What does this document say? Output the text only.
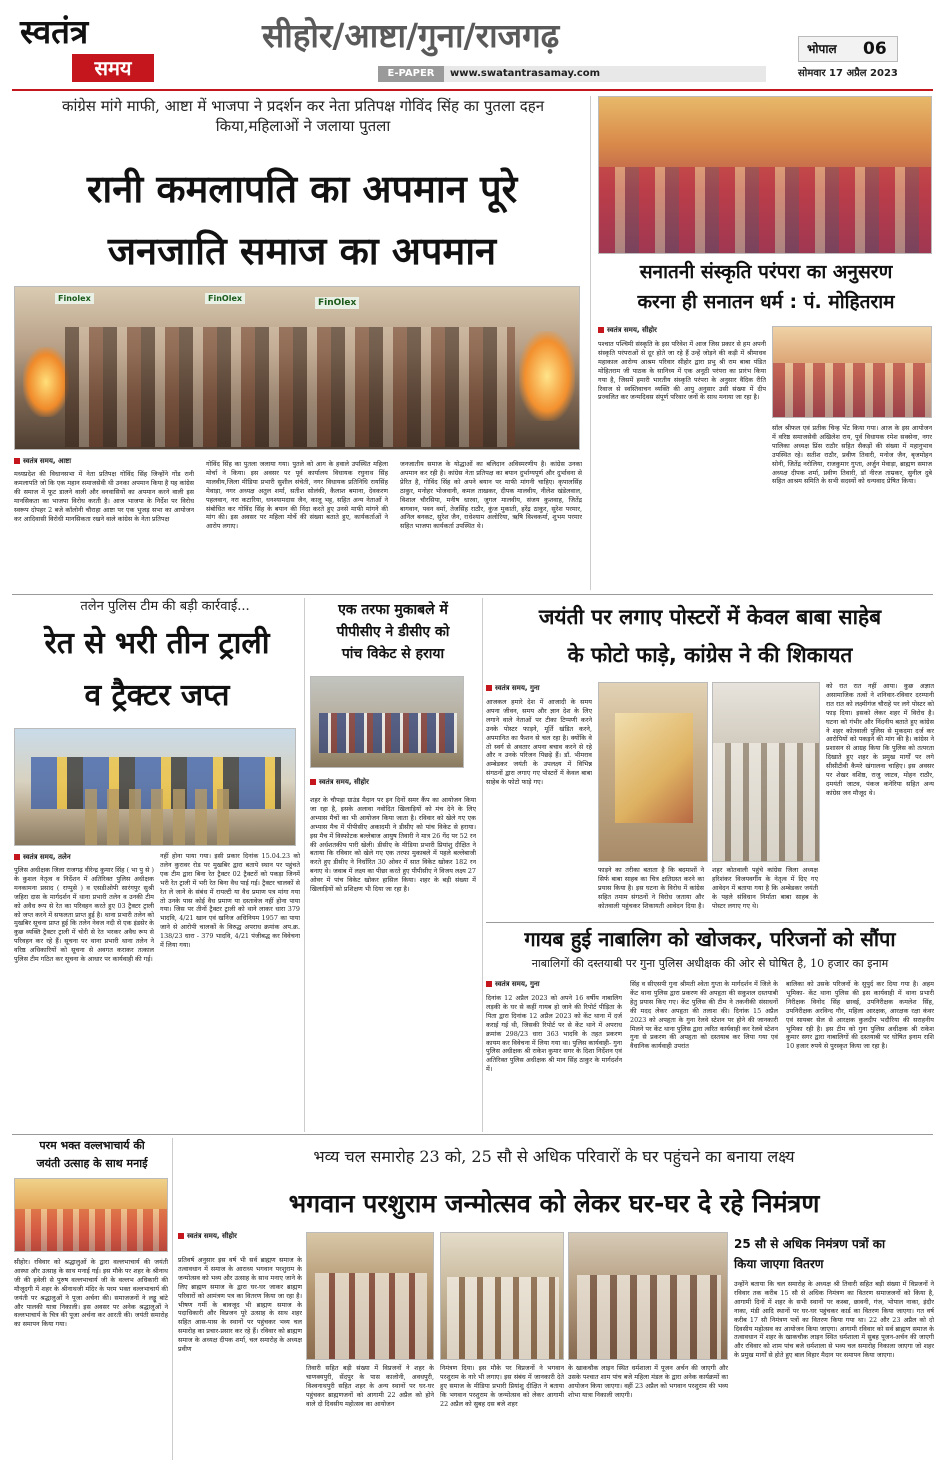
स्वतंत्र
समय
सीहोर/आष्टा/गुना/राजगढ़
E-PAPER	www.swatantrasamay.com
भोपाल 06
सोमवार 17 अप्रैल 2023
कांग्रेस मांगे माफी, आष्टा में भाजपा ने प्रदर्शन कर नेता प्रतिपक्ष गोविंद सिंह का पुतला दहन किया,महिलाओं ने जलाया पुतला
रानी कमलापति का अपमान पूरे
जनजाति समाज का अपमान
Finolex	FinOlex
FinOlex
स्वतंत्र समय, आष्टा
मध्यप्रदेश की विधानसभा में नेता प्रतिपक्ष गोविंद सिंह जिन्होंने गोंड रानी कमलापति जो कि एक महान समाजसेवी थी उनका अपमान किया है यह कांग्रेस की समाज में फूट डालने वाली और वनवासियों का अपमान करने वाली इस मानसिकता का भाजपा विरोध करती है। आज भाजपा के निर्देश पर विरोध स्वरूप दोपहर 2 बजे कॉलोनी चौराहा आष्टा पर एक भुजड़ सभा का आयोजन कर आदिवासी विरोधी मानसिकता रखने वाले कांग्रेस के नेता प्रतिपक्ष
गोविंद सिंह का पुतला जलाया गया। पुतले को आग के हवाले उपस्थित महिला मोर्चा ने किया। इस अवसर पर पूर्व कार्यालय विधायक रघुनाथ सिंह मालवीय,जिला मीडिया प्रभारी सुशील संचेती, नगर विधायक प्रतिनिधि रायसिंह मेवाड़ा, नगर अध्यक्ष अतुल शर्मा, सतीश सोलंकी, कैलाश बमाना, देवकरण पहलवान, नरा कटारिया, धनश्यामदास जैन, कालू भट्ट, सहित अन्य नेताओं ने संबोधित कर गोविंद सिंह के बयान की निंदा करते हुए उनसे माफी मांगने की मांग की। इस अवसर पर महिला मोर्चे की संख्या बताते हुए, कार्यकर्ताओं ने आरोप लगाए।
जनजातीय समाज के योद्धाओं का बलिदान अविस्मरणीय है। कांग्रेस उनका अपमान कर रही है। कांग्रेस नेता प्रतिपक्ष का बयान दुर्भाग्यपूर्ण और दुर्भावना से प्रेरित है, गोविंद सिंह को अपने बयान पर माफी मांगनी चाहिए। कृपालसिंह ठाकुर, मनोहर भोजवानी, कमल ताखकर, दीपक मालवीय, नीलेश खंडेलवाल, विशाल चौरसिया, मनीष धारवा, जुगल मालवीय, संजय कुशवाह, जितेंद्र बागवान, पवन वर्मा, तेजसिंह राठौर, कुंज मुकाती, हरेंद्र ठाकुर, सुरेश परमार, अनिल बनकट, सुरेश जैन, राधेश्याम अलोरिया, ऋषि विश्वकर्मा, शुभम परमार सहित भाजपा कार्यकर्ता उपस्थित थे।
सनातनी संस्कृति परंपरा का अनुसरण
करना ही सनातन धर्म : पं. मोहितराम
स्वतंत्र समय, सीहोर
पश्चात पश्चिमी संस्कृति के इस परिवेश में आज जिस प्रकार से हम अपनी संस्कृति परंपराओं से दूर होते जा रहे हैं उन्हें जोड़ने की कड़ी में श्रीमाधव महाकाल आरोग्य आश्रम परिवार सीहोर द्वारा प्रभु श्री राम बाबा पंडित मोहितराम जी पाठक के सानिध्य में एक अनूठी परंपरा का प्रारंभ किया गया है, जिसमें हमारी भारतीय संस्कृति परंपरा के अनुसार वैदिक रीति रिवाज से स्वस्तिवाचन व्यक्ति की आयु अनुसार उसी संख्या में दीप प्रज्वलित कर जन्मदिवस संपूर्ण परिवार जनों के साथ मनाया जा रहा है।
सॉल श्रीफल एवं प्रतीक चिन्ह भेंट किया गया। आज के इस आयोजन में वरिष्ठ समाजसेवी अखिलेश राय, पूर्व विधायक रमेश सक्सेना, नगर पालिका अध्यक्ष प्रिंस राठौर सहित सैकड़ों की संख्या में महानुभाव उपस्थित रहे। सतीश राठौर, प्रवीण तिवारी, मनोज जैन, बृजमोहन सोनी, जितेंद्र नरोलिया, राजकुमार गुप्ता, अर्जुन मेवाड़ा, ब्राह्मण समाज अध्यक्ष दीपक शर्मा, प्रवीण तिवारी, डॉ नीरज ताम्रकर, सुनील दुबे सहित आश्रम समिति के सभी सदस्यों को धन्यवाद प्रेषित किया।
तलेन पुलिस टीम की बड़ी कार्रवाई...
रेत से भरी तीन ट्राली
व ट्रैक्टर जप्त
स्वतंत्र समय, तलेन
पुलिस अधीक्षक जिला राजगढ़ वीरेन्द्र कुमार सिंह ( भा पु से ) के कुशल नेतृत्व व निर्देशन में अतिरिक्त पुलिस अधीक्षक मनकामना प्रसाद ( राप्पुसे ) व एसडीओपी सारंगपुर सुश्री जहिरा दास के मार्गदर्शन में थाना प्रभारी तलेन व उनकी टीम को अवैध रूप से रेत का परिवहन करते हुए 03 ट्रैक्टर ट्राली को जप्त करने में सफलता प्राप्त हुई है। थाना प्रभारी तलेन को मुखबिर सूचना प्राप्त हुई कि तलेन नेवज नदी से एक इंडसेर के कुछ व्यक्ति ट्रैक्टर ट्राली में चोरी से रेत भरकर अवैध रूप से परिवहन कर रहे हैं। सूचना पर थाना प्रभारी थाना तलेन ने वरिष्ठ अधिकारियों को सूचना से अवगत कराकर तत्काल पुलिस टीम गठित कर सूचना के आधार पर कार्यवाही की गई।
नहीं होना पाया गया। इसी प्रकार दिनांक 15.04.23 को तलेन कुरावर रोड पर मुखबिर द्वारा बताये स्थान पर पहुंचते एक टीम द्वारा बिना रेत ट्रैक्टर 02 ट्रैक्टरों को पकड़ा जिनमें भरी रेत ट्राली में भरी रेत बिना वैध पाई गई। ट्रैक्टर चालकों से रेत ले जाने के संबंध में रायल्टी या वैध प्रमाण पत्र मांगा गया तो उनके पास कोई वैध प्रमाण या दस्तावेज नहीं होना पाया गया। जिस पर तीनों ट्रैक्टर ट्राली को थाने लाकर धारा 379 भादवि, 4/21 खान एवं खनिज अधिनियम 1957 का पाया जाने से आरोपी चालकों के विरुद्ध अपराध क्रमांक अप.क्र. 138/23 धारा - 379 भादवि, 4/21 पंजीबद्ध कर विवेचना में लिया गया।
एक तरफा मुकाबले में
पीपीसीए ने डीसीए को
पांच विकेट से हराया
स्वतंत्र समय, सीहोर
शहर के चौपड़ा ग्राउंड मैदान पर इन दिनों समर कैंप का आयोजन किया जा रहा है, इसके अलावा नवोदित खिलाड़ियों को मंच देने के लिए अभ्यास मैचों का भी आयोजन किया जाता है। रविवार को खेले गए एक अभ्यास मैच में पीपीसीए अकादमी ने डीसीए को पांच विकेट से हराया। इस मैच में विस्फोटक बल्लेबाज आयुष तिवारी ने मात्र 26 गेंद पर 52 रन की अर्धशतकीय पारी खेली। डीसीए के मीडिया प्रभारी प्रियांशु दीक्षित ने बताया कि रविवार को खेले गए एक तरफा मुकाबले में पहले बल्लेबाजी करते हुए डीसीए ने निर्धारित 30 ओवर में सात विकेट खोकर 182 रन बनाए थे। जवाब में लक्ष्य का पीछा करते हुए पीपीसीए ने विजय लक्ष्य 27 ओवर में पांच विकेट खोकर हासिल किया। शहर के बड़ी संख्या में खिलाड़ियों को प्रशिक्षण भी दिया जा रहा है।
जयंती पर लगाए पोस्टरों में केवल बाबा साहेब
के फोटो फाड़े, कांग्रेस ने की शिकायत
स्वतंत्र समय, गुना
आजकल हमारे देश में आजादी के समय अपना जीवन, समय और ज्ञान देश के लिए लगाने वाले नेताओं पर टीका टिप्पणी करने उनके पोस्टर फाड़ने, मूर्ति खंडित करने, अपमानित का फैशन से चल रहा है। क्योंकि वे तो स्वर्ग से अवतार अपना बचाव करने से रहे और न उनके परिजन पिछड़े हैं। डॉ. भीमराव अम्बेडकर जयंती के उपलक्ष्य में विभिन्न संगठनों द्वारा लगाए गए पोस्टरों में केवल बाबा साहेब के फोटो फाड़े गए।
फाड़ने का तरीका बताता है कि बदमाशों ने सिर्फ बाबा साहब का चित्र क्षतिग्रस्त करने का प्रयास किया है। इस घटना के विरोध में कांग्रेस सहित तमाम संगठनों ने विरोध जताया और कोतवाली पहुंचकर शिकायती आवेदन दिया है। शहर कोतवाली पहुंचे कांग्रेस जिला अध्यक्ष हरिशंकर विजयवर्गीय के नेतृत्व में दिए गए आवेदन में बताया गया है कि अम्बेडकर जयंती के पहले संविधान निर्माता बाबा साहब के पोस्टर लगाए गए थे।
को रात रात नहीं आया। कुछ अज्ञात असामाजिक तत्वों ने शनिवार-रविवार दरम्यानी रात रात को लक्ष्मीगंज चौराहे पर लगे पोस्टर को फाड़ दिया। इसको लेकर शहर में विरोध है। घटना को गंभीर और निंदनीय बताते हुए कांग्रेस ने शहर कोतवाली पुलिस से मुकदमा दर्ज कर आरोपियों को पकड़ने की मांग की है। कांग्रेस ने प्रशासन से आग्रह किया कि पुलिस को तत्परता दिखाते हुए शहर के प्रमुख मार्गों पर लगे सीसीटीवी कैमरे खंगालना चाहिए। इस अवसर पर शेखर वशिष्ठ, राजु जाटव, मोहन राठौर, दमयंती जाटव, पंकज कनेरिया सहित अन्य कांग्रेस जन मौजूद थे।
गायब हुई नाबालिग को खोजकर, परिजनों को सौंपा
नाबालिगों की दस्तयाबी पर गुना पुलिस अधीक्षक की ओर से घोषित है, 10 हजार का इनाम
स्वतंत्र समय, गुना
दिनांक 12 अप्रैल 2023 को अपने 16 वर्षीय नाबालिग लड़की के घर से कहीं गायब हो जाने की रिपोर्ट पीड़िता के पिता द्वारा दिनांक 12 अप्रैल 2023 को केंट थाना में दर्ज कराई गई थी, जिसकी रिपोर्ट पर से केंट थाने में अपराध क्रमांक 298/23 धारा 363 भादवि के तहत प्रकरण कायम कर विवेचना में लिया गया था। पुलिस कार्यवाही- गुना पुलिस अधीक्षक श्री राकेश कुमार सगर के दिशा निर्देशन एवं अतिरिक्त पुलिस अधीक्षक श्री मान सिंह ठाकुर के मार्गदर्शन में।
सिंह व सीएसपी गुना श्रीमती श्वेता गुप्ता के मार्गदर्शन में जिले के केंट थाना पुलिस द्वारा प्रकरण की अपहृता की सकुशल दस्तयाबी हेतु प्रयास किए गए। केंट पुलिस की टीम ने तकनीकी संसाधनों की मदद लेकर अपहृता की तलाश की। दिनांक 15 अप्रैल 2023 को अपहृता के गुना रेलवे स्टेशन पर होने की जानकारी मिलने पर केंट थाना पुलिस द्वारा त्वरित कार्यवाही कर रेलवे स्टेशन गुना से प्रकरण की अपहृता को दस्तयाब कर लिया गया एवं वैधानिक कार्यवाही उपरांत
बालिका को उसके परिजनों के सुपुर्द कर दिया गया है। अहम भूमिका- केंट थाना पुलिस की इस कार्यवाही में थाना प्रभारी निरीक्षक विनोद सिंह छावई, उपनिरीक्षक कमलेश सिंह, उपनिरीक्षक अरविन्द गौर, महिला आरक्षक, आरक्षक रक्षा कंवर एवं सायबर सेल से आरक्षक कुलदीप भदौरिया की सराहनीय भूमिका रही है। इस टीम को गुना पुलिस अधीक्षक श्री राकेश कुमार सगर द्वारा नाबालिगों की दस्तयाबी पर घोषित इनाम राशि 10 हजार रुपये से पुरस्कृत किया जा रहा है।
परम भक्त वल्लभाचार्य की
जयंती उत्साह के साथ मनाई
सीहोर। रविवार को श्रद्धालुओं के द्वारा वल्लभाचार्य की जयंती आस्था और उत्साह के साथ मनाई गई। इस मौके पर शहर के श्रीनाथ जी की हवेली से पुरुष वल्लभाचार्य जी के वल्लभ अधिकारी की मौजूदगी में शहर के श्रीनाथजी मंदिर के परम भक्त वल्लभाचार्य की जयंती पर श्रद्धालुओं ने पूजा अर्चना की। समाजजनों ने लड्डू बांटे और पालकी यात्रा निकाली। इस अवसर पर अनेक श्रद्धालुओं ने वल्लभाचार्य के चित्र की पूजा अर्चना कर आरती की। जयंती समारोह का समापन किया गया।
भव्य चल समारोह 23 को, 25 सौ से अधिक परिवारों के घर पहुंचने का बनाया लक्ष्य
भगवान परशुराम जन्मोत्सव को लेकर घर-घर दे रहे निमंत्रण
स्वतंत्र समय, सीहोर
प्रतिवर्ष अनुसार इस वर्ष भी सर्व ब्राह्मण समाज के तत्वावधान में समाज के आराध्य भगवान परशुराम के जन्मोत्सव को भव्य और उत्साह के साथ मनाए जाने के लिए ब्राह्मण समाज के द्वारा घर-घर जाकर ब्राह्मण परिवारों को आमंत्रण पत्र का वितरण किया जा रहा है। भीषण गर्मी के बावजूद भी ब्राह्मण समाज के पदाधिकारी और विप्रजन पूरे उत्साह के साथ शहर सहित आस-पास के स्थानों पर पहुंचकर भव्य चल समारोह का प्रचार-प्रसार कर रहे हैं। रविवार को ब्राह्मण समाज के अध्यक्ष दीपक शर्मा, चल समारोह के अध्यक्ष प्रवीण
तिवारी सहित बड़ी संख्या में विप्रजनों ने शहर के चाणक्यपुरी, सेंदपुर के पास कालोनी, अवधपुरी, विश्वनाथपुरी सहित शहर के अन्य स्थानों पर घर-घर पहुंचकर ब्राह्मणजनों को आगामी 22 अप्रैल को होने वाले दो दिवसीय महोत्सव का आयोजन
निमंत्रण दिया। इस मौके पर विप्रजनों ने भगवान परशुराम के नारे भी लगाए। इस संबंध में जानकारी देते हुए समाज के मीडिया प्रभारी प्रियांशु दीक्षित ने बताया कि भगवान परशुराम के जन्मोत्सव को लेकर आगामी 22 अप्रैल को सुबह दस बजे शहर
के खाकचौक लाइन स्थित धर्मशाला में पूजन अर्चन की जाएगी और उसके पश्चात शाम पांच बजे महिला मंडल के द्वारा अनेक कार्यक्रमों का आयोजन किया जाएगा। वहीं 23 अप्रैल को भगवान परशुराम की भव्य शोभा यात्रा निकाली जाएगी।
25 सौ से अधिक निमंत्रण पत्रों का
किया जाएगा वितरण
उन्होंने बताया कि चल समारोह के अध्यक्ष श्री तिवारी सहित बड़ी संख्या में विप्रजनों ने रविवार तक करीब 15 सौ से अधिक निमंत्रण का वितरण समाजजनों को किया है, आगामी दिनों में शहर के सभी स्थानों पर कस्बा, छावनी, गंज, भोपाल नाका, इंदौर नाका, मंडी आदि स्थानों पर घर-घर पहुंचकर कार्ड का वितरण किया जाएगा। गत वर्ष करीब 17 सौ निमंत्रण पत्रों का वितरण किया गया था। 22 और 23 अप्रैल को दो दिवसीय महोत्सव का आयोजन किया जाएगा। आगामी रविवार को सर्व ब्राह्मण समाज के तत्वावधान में शहर के खाकचौक लाइन स्थित धर्मशाला में सुबह पूजन-अर्चन की जाएगी और रविवार को शाम पांच बजे धर्मशाला से भव्य चल समारोह निकाला जाएगा जो शहर के प्रमुख मार्गों से होते हुए बाल विहार मैदान पर समापन किया जाएगा।
